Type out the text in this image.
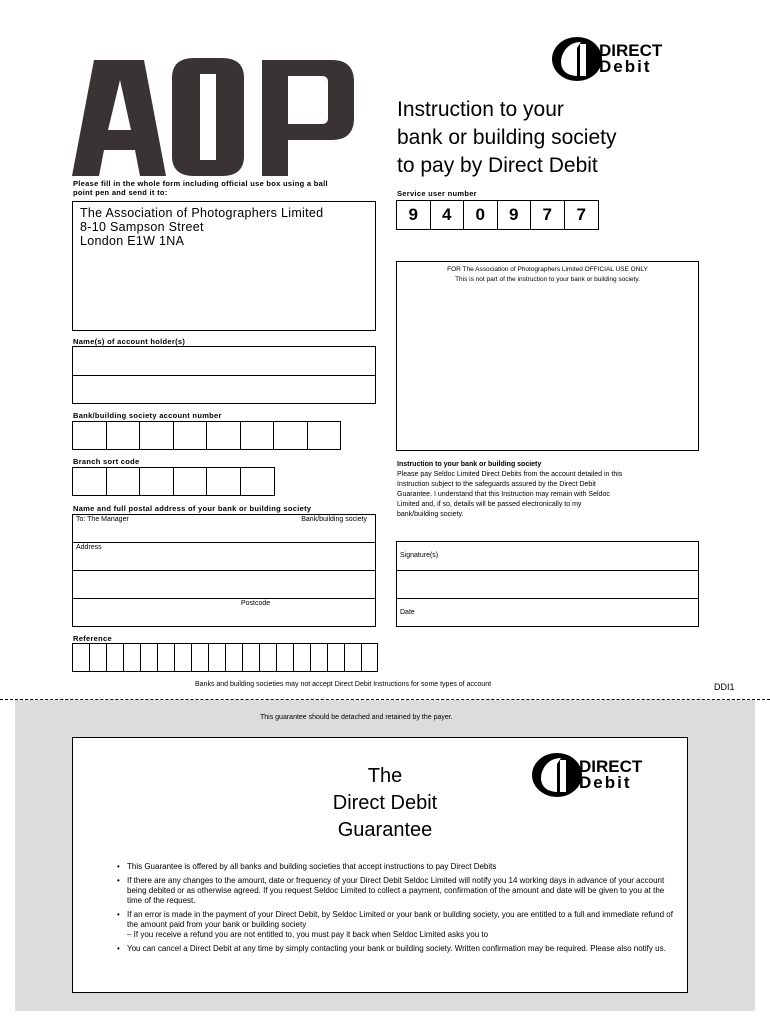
DIRECT
Debit
Instruction to your
bank or building society
to pay by Direct Debit
Please fill in the whole form including official use box using a ball
point pen and send it to:
The Association of Photographers Limited
8-10 Sampson Street
London E1W 1NA
Service user number
9	4	0	9	7	7
FOR The Association of Photographers Limited OFFICIAL USE ONLY
This is not part of the instruction to your bank or building society.
Name(s) of account holder(s)
Bank/building society account number
Branch sort code
Name and full postal address of your bank or building society
To: The Manager	Bank/building society
Address
Postcode
Instruction to your bank or building society
Please pay Seldoc Limited Direct Debits from the account detailed in this
Instruction subject to the safeguards assured by the Direct Debit
Guarantee. I understand that this Instruction may remain with Seldoc
Limited and, if so, details will be passed electronically to my
bank/building society.
Signature(s)
Date
Reference
Banks and building societies may not accept Direct Debit Instructions for some types of account	DDI1
This guarantee should be detached and retained by the payer.
The
Direct Debit
Guarantee
DIRECT
Debit
• This Guarantee is offered by all banks and building societies that accept instructions to pay Direct Debits
• If there are any changes to the amount, date or frequency of your Direct Debit Seldoc Limited will notify you 14 working days in advance of your account being debited or as otherwise agreed. If you request Seldoc Limited to collect a payment, confirmation of the amount and date will be given to you at the time of the request.
• If an error is made in the payment of your Direct Debit, by Seldoc Limited or your bank or building society, you are entitled to a full and immediate refund of the amount paid from your bank or building society
– If you receive a refund you are not entitled to, you must pay it back when Seldoc Limited asks you to
• You can cancel a Direct Debit at any time by simply contacting your bank or building society. Written confirmation may be required. Please also notify us.
